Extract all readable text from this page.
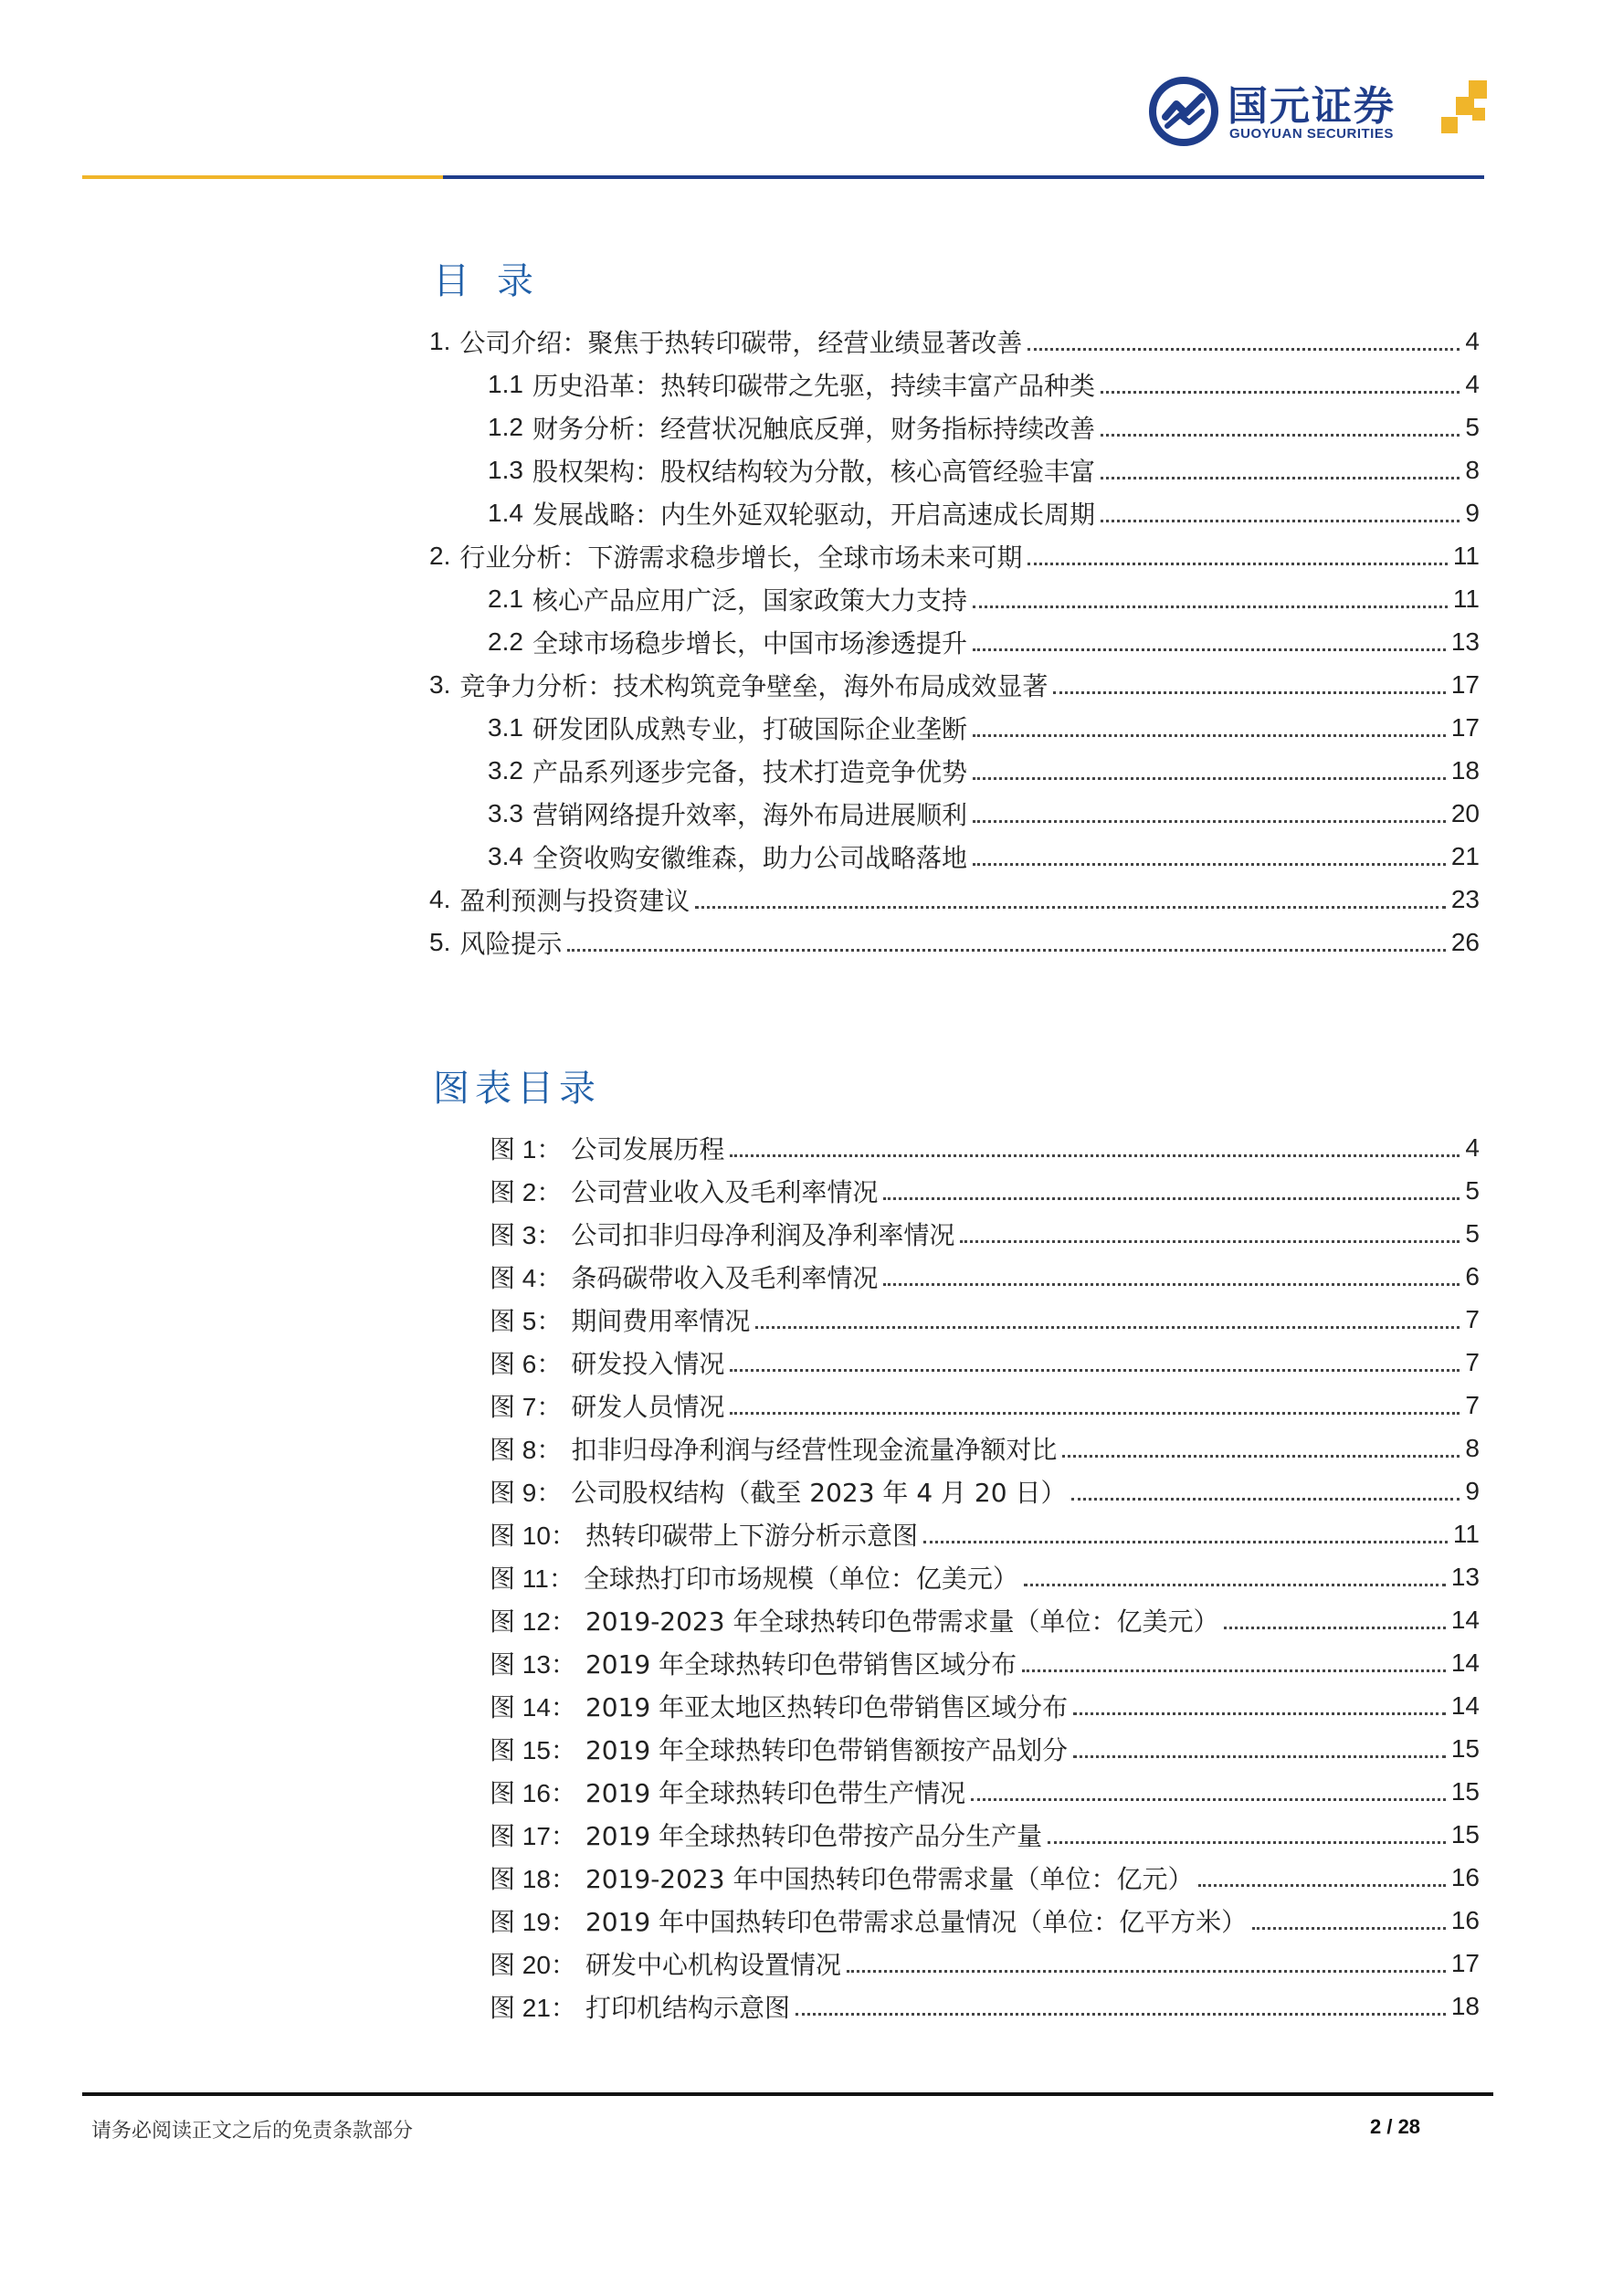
国元证券
GUOYUAN SECURITIES
目录
1. 公司介绍：聚焦于热转印碳带，经营业绩显著改善	4
1.1 历史沿革：热转印碳带之先驱，持续丰富产品种类	4
1.2 财务分析：经营状况触底反弹，财务指标持续改善	5
1.3 股权架构：股权结构较为分散，核心高管经验丰富	8
1.4 发展战略：内生外延双轮驱动，开启高速成长周期	9
2. 行业分析：下游需求稳步增长，全球市场未来可期	11
2.1 核心产品应用广泛，国家政策大力支持	11
2.2 全球市场稳步增长，中国市场渗透提升	13
3. 竞争力分析：技术构筑竞争壁垒，海外布局成效显著	17
3.1 研发团队成熟专业，打破国际企业垄断	17
3.2 产品系列逐步完备，技术打造竞争优势	18
3.3 营销网络提升效率，海外布局进展顺利	20
3.4 全资收购安徽维森，助力公司战略落地	21
4. 盈利预测与投资建议	23
5. 风险提示	26
图表目录
图 1： 公司发展历程	4
图 2： 公司营业收入及毛利率情况	5
图 3： 公司扣非归母净利润及净利率情况	5
图 4： 条码碳带收入及毛利率情况	6
图 5： 期间费用率情况	7
图 6： 研发投入情况	7
图 7： 研发人员情况	7
图 8： 扣非归母净利润与经营性现金流量净额对比	8
图 9： 公司股权结构（截至 2023 年 4 月 20 日）	9
图 10： 热转印碳带上下游分析示意图	11
图 11： 全球热打印市场规模（单位：亿美元）	13
图 12： 2019-2023 年全球热转印色带需求量（单位：亿美元）	14
图 13： 2019 年全球热转印色带销售区域分布	14
图 14： 2019 年亚太地区热转印色带销售区域分布	14
图 15： 2019 年全球热转印色带销售额按产品划分	15
图 16： 2019 年全球热转印色带生产情况	15
图 17： 2019 年全球热转印色带按产品分生产量	15
图 18： 2019-2023 年中国热转印色带需求量（单位：亿元）	16
图 19： 2019 年中国热转印色带需求总量情况（单位：亿平方米）	16
图 20： 研发中心机构设置情况	17
图 21： 打印机结构示意图	18
请务必阅读正文之后的免责条款部分	2 / 28
